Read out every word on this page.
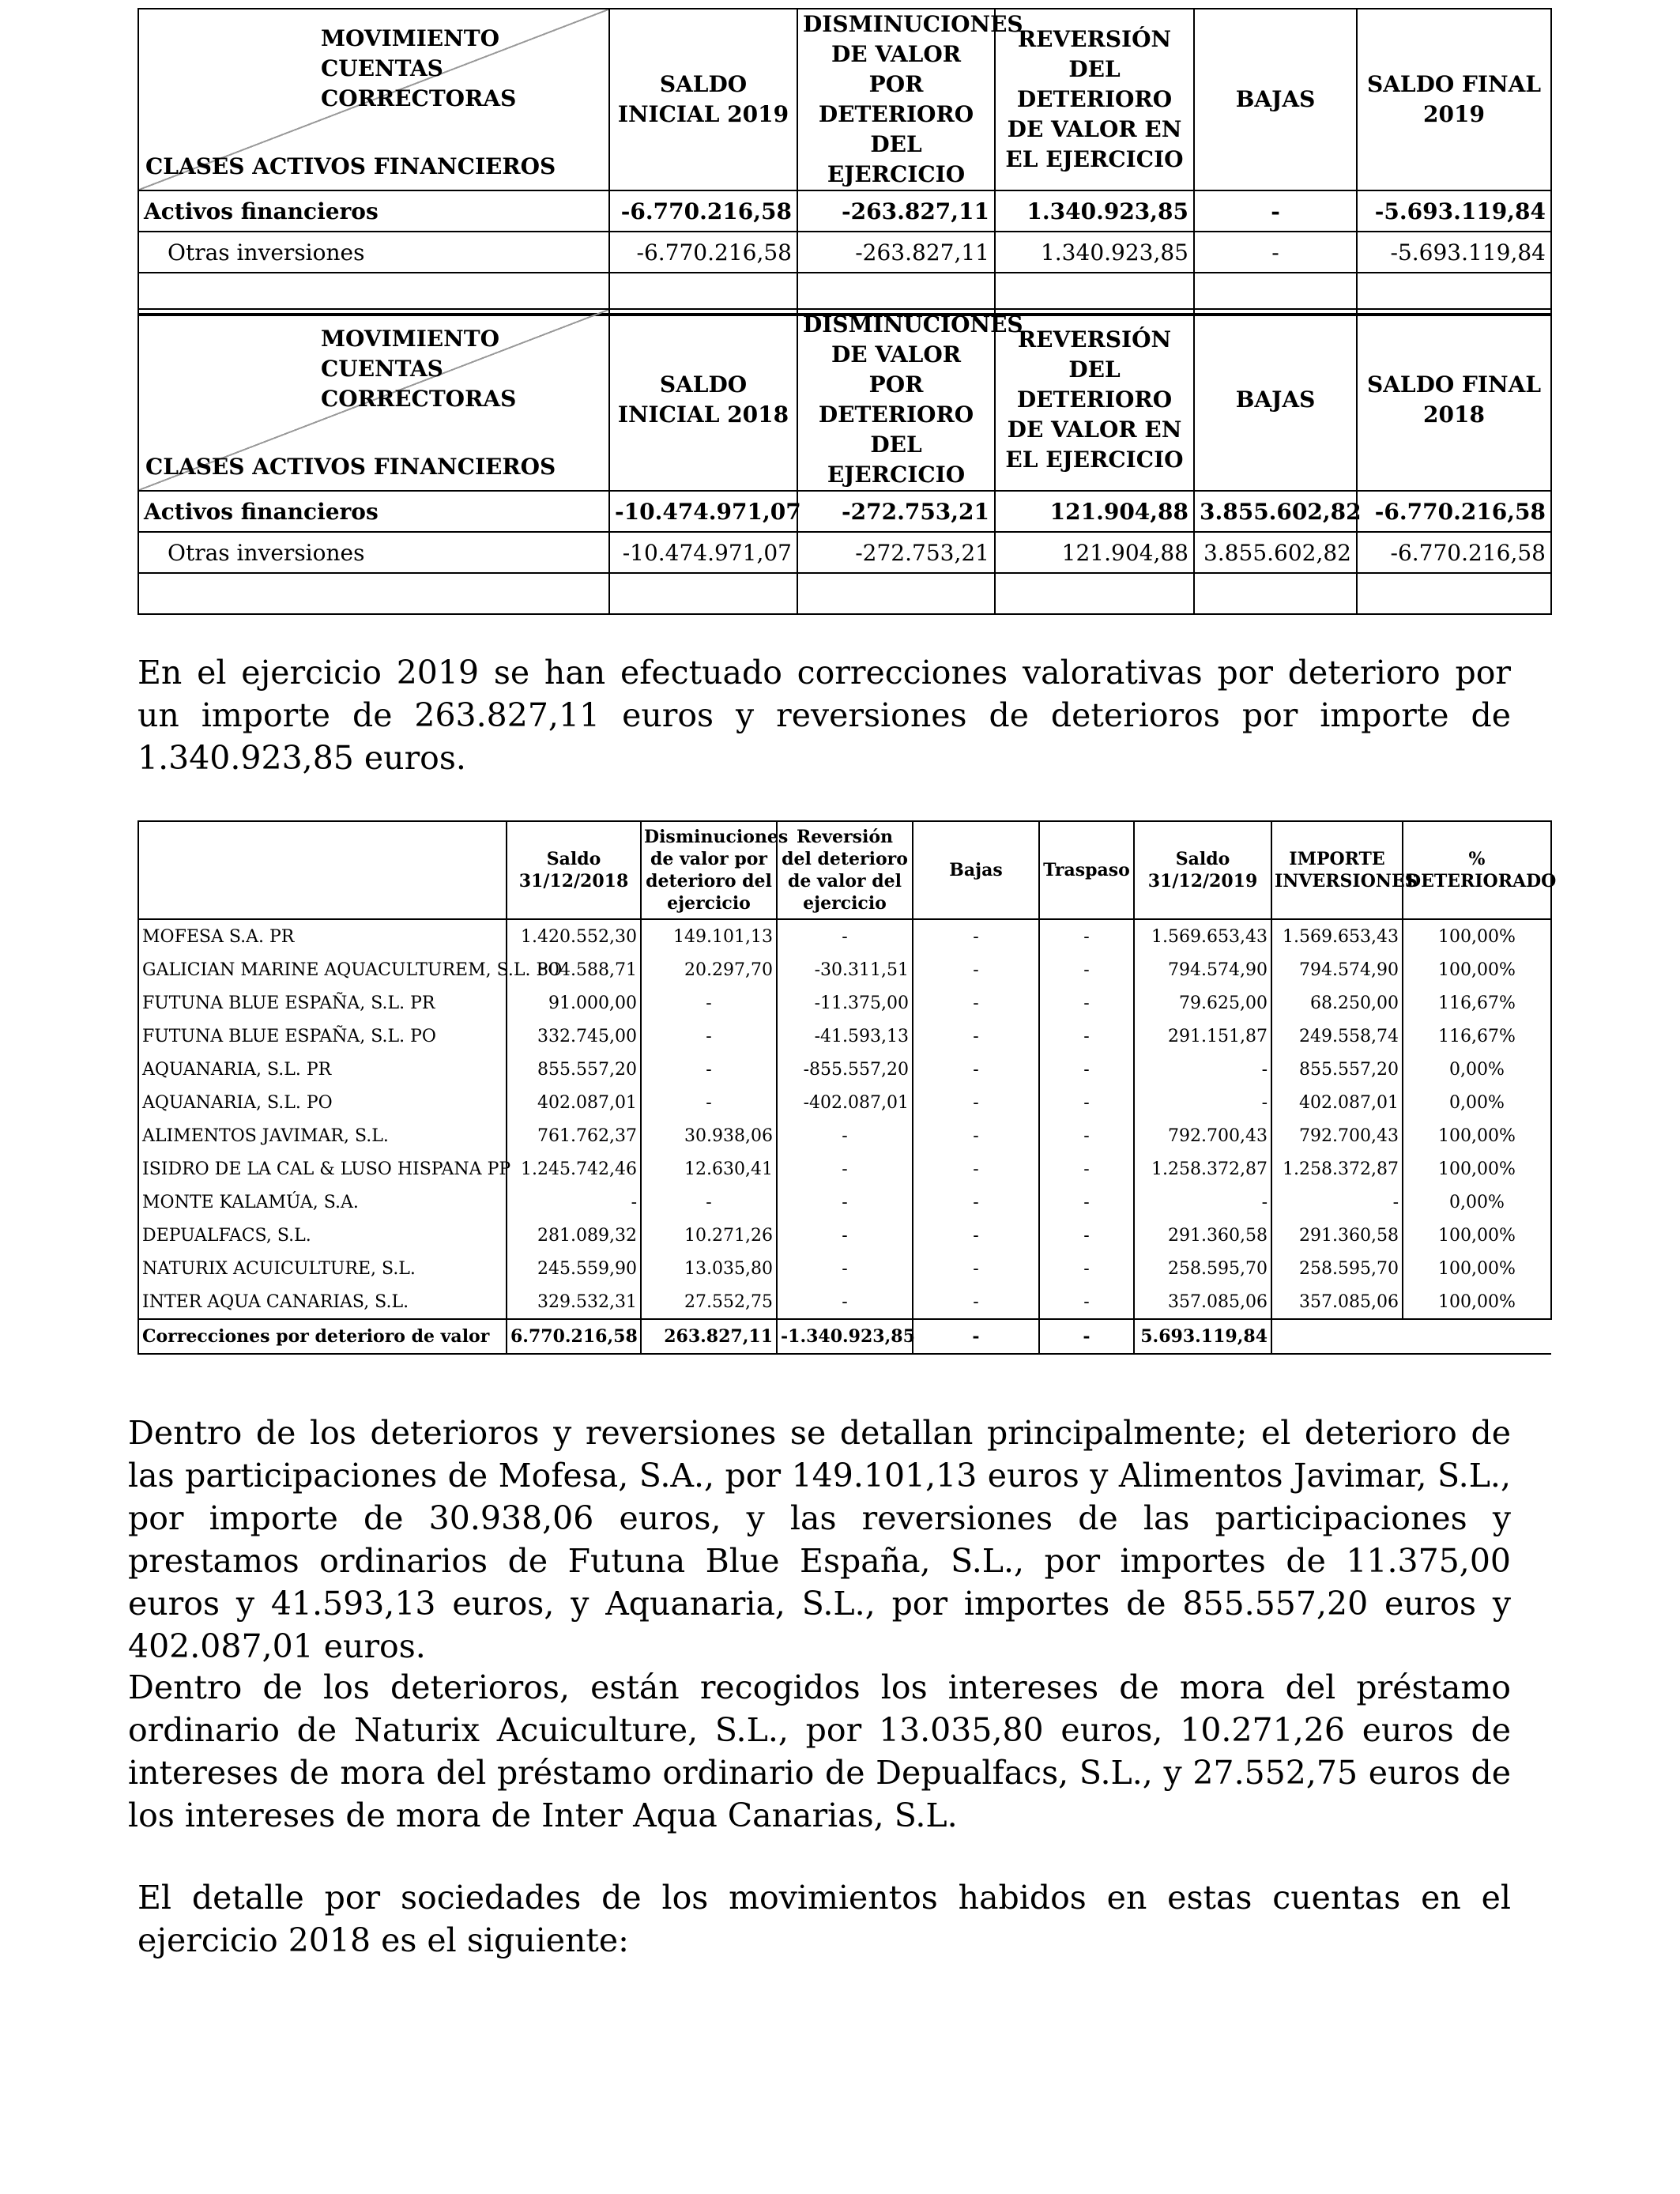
MOVIMIENTO CUENTAS CORRECTORAS
CLASES ACTIVOS FINANCIEROS	SALDO INICIAL 2019	DISMINUCIONES DE VALOR POR DETERIORO DEL EJERCICIO	REVERSIÓN DEL DETERIORO DE VALOR EN EL EJERCICIO	BAJAS	SALDO FINAL 2019
Activos financieros	-6.770.216,58	-263.827,11	1.340.923,85	-	-5.693.119,84
Otras inversiones	-6.770.216,58	-263.827,11	1.340.923,85	-	-5.693.119,84

MOVIMIENTO CUENTAS CORRECTORAS
CLASES ACTIVOS FINANCIEROS	SALDO INICIAL 2018	DISMINUCIONES DE VALOR POR DETERIORO DEL EJERCICIO	REVERSIÓN DEL DETERIORO DE VALOR EN EL EJERCICIO	BAJAS	SALDO FINAL 2018
Activos financieros	-10.474.971,07	-272.753,21	121.904,88	3.855.602,82	-6.770.216,58
Otras inversiones	-10.474.971,07	-272.753,21	121.904,88	3.855.602,82	-6.770.216,58

En el ejercicio 2019 se han efectuado correcciones valorativas por deterioro por un importe de 263.827,11 euros y reversiones de deterioros por importe de 1.340.923,85 euros.
	Saldo 31/12/2018	Disminuciones de valor por deterioro del ejercicio	Reversión del deterioro de valor del ejercicio	Bajas	Traspaso	Saldo 31/12/2019	IMPORTE INVERSIONES	% DETERIORADO
MOFESA S.A. PR	1.420.552,30	149.101,13	-	-	-	1.569.653,43	1.569.653,43	100,00%
GALICIAN MARINE AQUACULTUREM, S.L. PO	804.588,71	20.297,70	-30.311,51	-	-	794.574,90	794.574,90	100,00%
FUTUNA BLUE ESPAÑA, S.L. PR	91.000,00	-	-11.375,00	-	-	79.625,00	68.250,00	116,67%
FUTUNA BLUE ESPAÑA, S.L. PO	332.745,00	-	-41.593,13	-	-	291.151,87	249.558,74	116,67%
AQUANARIA, S.L. PR	855.557,20	-	-855.557,20	-	-	-	855.557,20	0,00%
AQUANARIA, S.L. PO	402.087,01	-	-402.087,01	-	-	-	402.087,01	0,00%
ALIMENTOS JAVIMAR, S.L.	761.762,37	30.938,06	-	-	-	792.700,43	792.700,43	100,00%
ISIDRO DE LA CAL & LUSO HISPANA PP	1.245.742,46	12.630,41	-	-	-	1.258.372,87	1.258.372,87	100,00%
MONTE KALAMÚA, S.A.	-	-	-	-	-	-	-	0,00%
DEPUALFACS, S.L.	281.089,32	10.271,26	-	-	-	291.360,58	291.360,58	100,00%
NATURIX ACUICULTURE, S.L.	245.559,90	13.035,80	-	-	-	258.595,70	258.595,70	100,00%
INTER AQUA CANARIAS, S.L.	329.532,31	27.552,75	-	-	-	357.085,06	357.085,06	100,00%
Correcciones por deterioro de valor	6.770.216,58	263.827,11	-1.340.923,85	-	-	5.693.119,84		
Dentro de los deterioros y reversiones se detallan principalmente; el deterioro de las participaciones de Mofesa, S.A., por 149.101,13 euros y Alimentos Javimar, S.L., por importe de 30.938,06 euros, y las reversiones de las participaciones y prestamos ordinarios de Futuna Blue España, S.L., por importes de 11.375,00 euros y 41.593,13 euros, y Aquanaria, S.L., por importes de 855.557,20 euros y 402.087,01 euros.
Dentro de los deterioros, están recogidos los intereses de mora del préstamo ordinario de Naturix Acuiculture, S.L., por 13.035,80 euros, 10.271,26 euros de intereses de mora del préstamo ordinario de Depualfacs, S.L., y 27.552,75 euros de los intereses de mora de Inter Aqua Canarias, S.L.
El detalle por sociedades de los movimientos habidos en estas cuentas en el ejercicio 2018 es el siguiente:
